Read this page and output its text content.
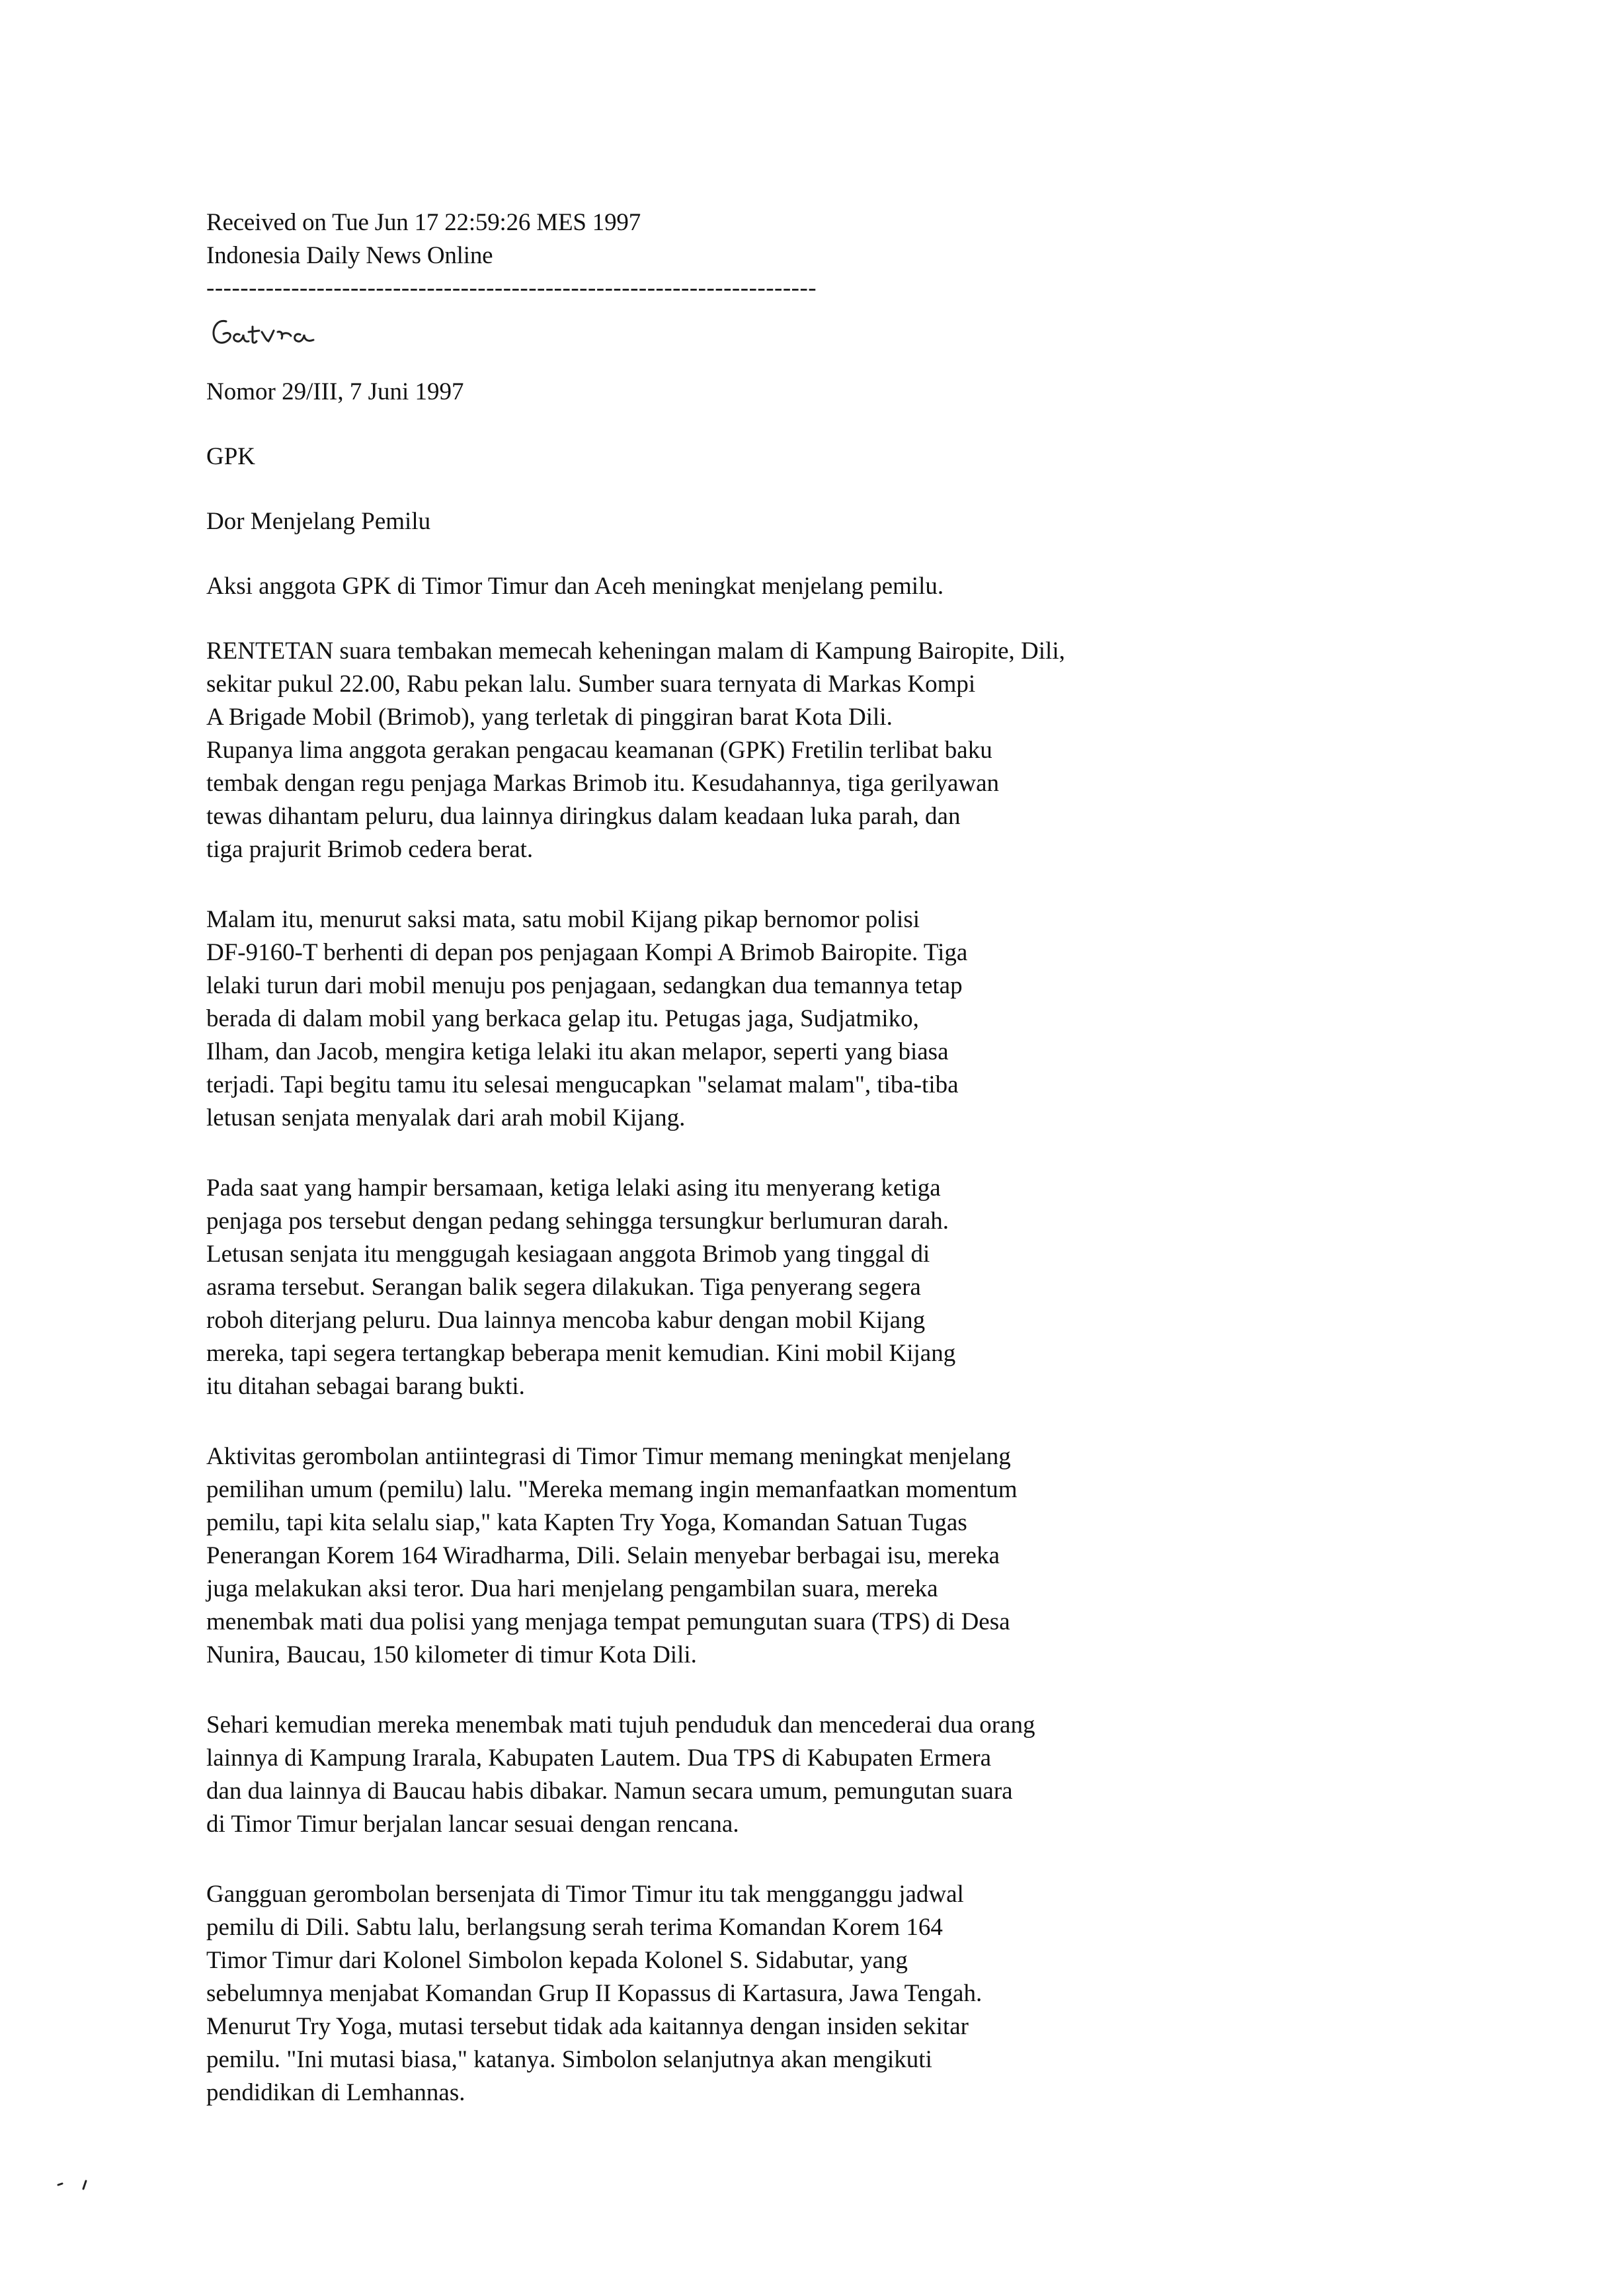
Received on Tue Jun 17 22:59:26 MES 1997
Indonesia Daily News Online
------------------------------------------------------------------------
Nomor 29/III, 7 Juni 1997
GPK
Dor Menjelang Pemilu
Aksi anggota GPK di Timor Timur dan Aceh meningkat menjelang pemilu.
RENTETAN suara tembakan memecah keheningan malam di Kampung Bairopite, Dili,
sekitar pukul 22.00, Rabu pekan lalu. Sumber suara ternyata di Markas Kompi
A Brigade Mobil (Brimob), yang terletak di pinggiran barat Kota Dili.
Rupanya lima anggota gerakan pengacau keamanan (GPK) Fretilin terlibat baku
tembak dengan regu penjaga Markas Brimob itu. Kesudahannya, tiga gerilyawan
tewas dihantam peluru, dua lainnya diringkus dalam keadaan luka parah, dan
tiga prajurit Brimob cedera berat.
Malam itu, menurut saksi mata, satu mobil Kijang pikap bernomor polisi
DF-9160-T berhenti di depan pos penjagaan Kompi A Brimob Bairopite. Tiga
lelaki turun dari mobil menuju pos penjagaan, sedangkan dua temannya tetap
berada di dalam mobil yang berkaca gelap itu. Petugas jaga, Sudjatmiko,
Ilham, dan Jacob, mengira ketiga lelaki itu akan melapor, seperti yang biasa
terjadi. Tapi begitu tamu itu selesai mengucapkan "selamat malam", tiba-tiba
letusan senjata menyalak dari arah mobil Kijang.
Pada saat yang hampir bersamaan, ketiga lelaki asing itu menyerang ketiga
penjaga pos tersebut dengan pedang sehingga tersungkur berlumuran darah.
Letusan senjata itu menggugah kesiagaan anggota Brimob yang tinggal di
asrama tersebut. Serangan balik segera dilakukan. Tiga penyerang segera
roboh diterjang peluru. Dua lainnya mencoba kabur dengan mobil Kijang
mereka, tapi segera tertangkap beberapa menit kemudian. Kini mobil Kijang
itu ditahan sebagai barang bukti.
Aktivitas gerombolan antiintegrasi di Timor Timur memang meningkat menjelang
pemilihan umum (pemilu) lalu. "Mereka memang ingin memanfaatkan momentum
pemilu, tapi kita selalu siap," kata Kapten Try Yoga, Komandan Satuan Tugas
Penerangan Korem 164 Wiradharma, Dili. Selain menyebar berbagai isu, mereka
juga melakukan aksi teror. Dua hari menjelang pengambilan suara, mereka
menembak mati dua polisi yang menjaga tempat pemungutan suara (TPS) di Desa
Nunira, Baucau, 150 kilometer di timur Kota Dili.
Sehari kemudian mereka menembak mati tujuh penduduk dan mencederai dua orang
lainnya di Kampung Irarala, Kabupaten Lautem. Dua TPS di Kabupaten Ermera
dan dua lainnya di Baucau habis dibakar. Namun secara umum, pemungutan suara
di Timor Timur berjalan lancar sesuai dengan rencana.
Gangguan gerombolan bersenjata di Timor Timur itu tak mengganggu jadwal
pemilu di Dili. Sabtu lalu, berlangsung serah terima Komandan Korem 164
Timor Timur dari Kolonel Simbolon kepada Kolonel S. Sidabutar, yang
sebelumnya menjabat Komandan Grup II Kopassus di Kartasura, Jawa Tengah.
Menurut Try Yoga, mutasi tersebut tidak ada kaitannya dengan insiden sekitar
pemilu. "Ini mutasi biasa," katanya. Simbolon selanjutnya akan mengikuti
pendidikan di Lemhannas.
